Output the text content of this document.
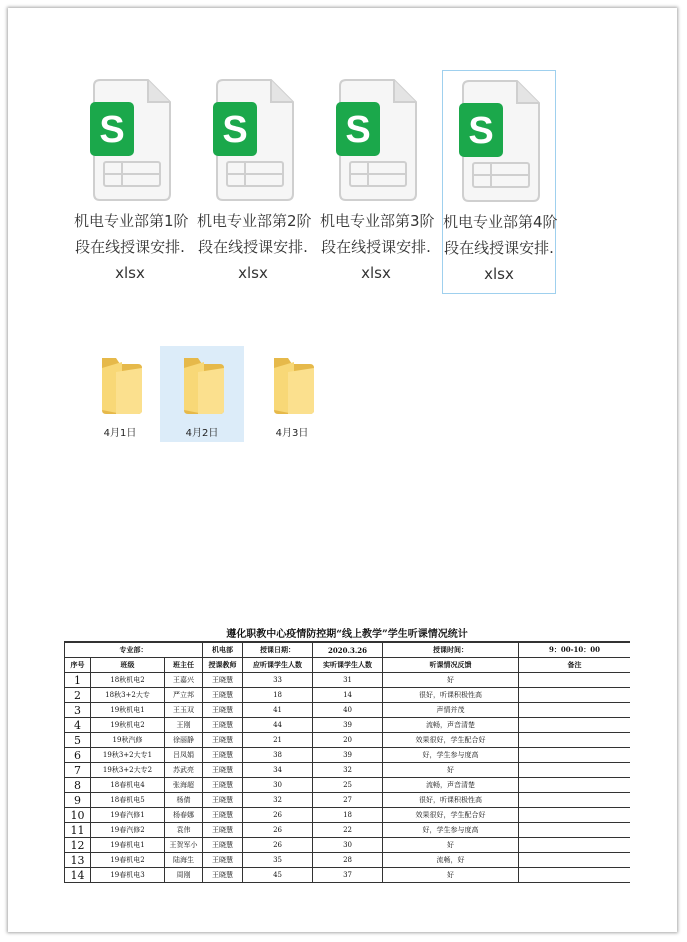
S
机电专业部第1阶
段在线授课安排.
xlsx
S
机电专业部第2阶
段在线授课安排.
xlsx
S
机电专业部第3阶
段在线授课安排.
xlsx
S
机电专业部第4阶
段在线授课安排.
xlsx
4月1日	4月2日	4月3日
遵化职教中心疫情防控期“线上教学”学生听课情况统计
专业部：			机电部	授课日期：	2020.3.26	授课时间：	9：00-10：00
序号	班级	班主任	授课教师	应听课学生人数	实听课学生人数	听课情况反馈	备注
1	18秋机电2	王嘉兴	王晓慧	33	31	好	
2	18秋3+2大专	严立邦	王晓慧	18	14	很好，听课积极性高	
3	19秋机电1	王玉双	王晓慧	41	40	声情并茂	
4	19秋机电2	王刚	王晓慧	44	39	流畅，声音清楚	
5	19秋汽修	徐丽静	王晓慧	21	20	效果很好，学生配合好	
6	19秋3+2大专1	吕凤娟	王晓慧	38	39	好，学生参与度高	
7	19秋3+2大专2	苏武亮	王晓慧	34	32	好	
8	18春机电4	张海超	王晓慧	30	25	流畅，声音清楚	
9	18春机电5	杨倩	王晓慧	32	27	很好，听课积极性高	
10	19春汽修1	杨春娜	王晓慧	26	18	效果很好，学生配合好	
11	19春汽修2	袁伟	王晓慧	26	22	好，学生参与度高	
12	19春机电1	王贺军小	王晓慧	26	30	好	
13	19春机电2	陆海生	王晓慧	35	28	流畅，好	
14	19春机电3	周刚	王晓慧	45	37	好	
